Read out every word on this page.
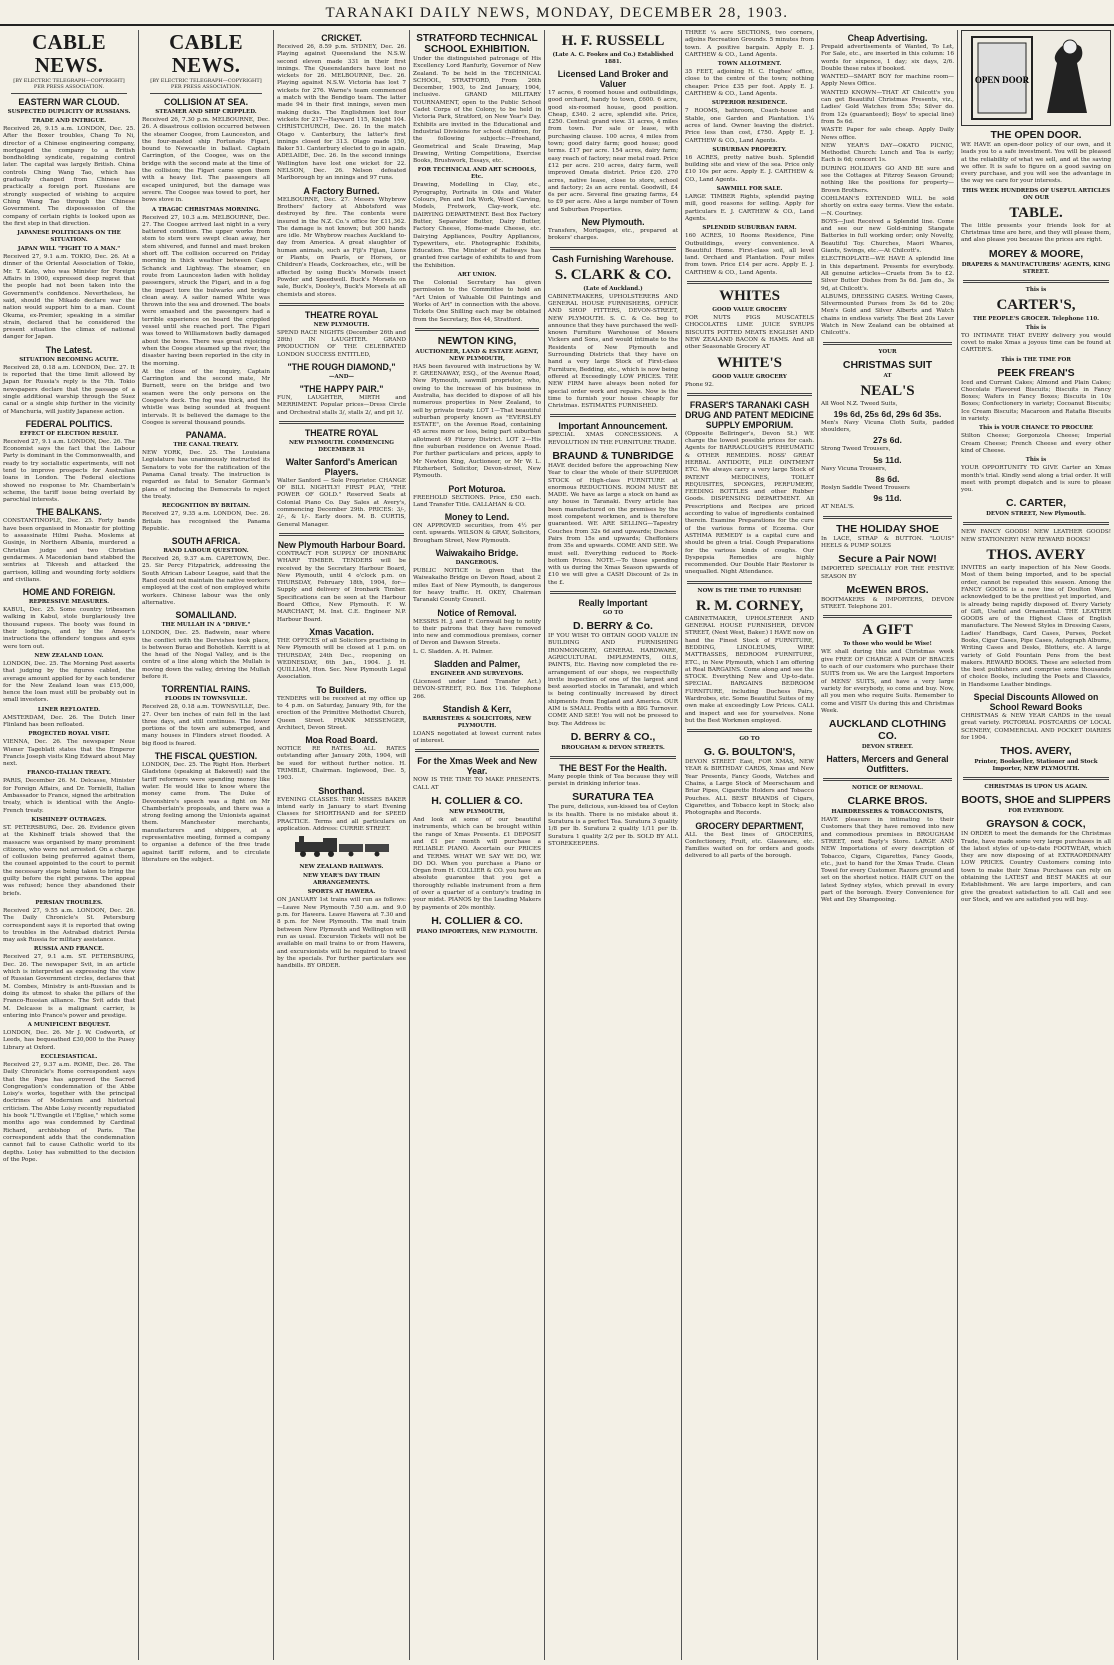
TARANAKI DAILY NEWS, MONDAY, DECEMBER 28, 1903.
CABLE NEWS.
[BY ELECTRIC TELEGRAPH—COPYRIGHT]
PER PRESS ASSOCIATION.
EASTERN WAR CLOUD.
SUSPECTED DUPLICITY OF RUSSIANS.
TRADE AND INTRIGUE.

Received 26, 9.15 a.m. LONDON, Dec. 25. After the Boxer troubles, Chang To Ni, director of a Chinese engineering company, mortgaged the company to a British bondholding syndicate, regaining control later. The capital was largely British. China controls Ching Wang Tao, which has gradually changed from Chinese to practically a foreign port. Russians are strongly suspected of wishing to acquire Ching Wang Tao through the Chinese Government. The dispossession of the company of certain rights is looked upon as the first step in that direction.

JAPANESE POLITICIANS ON THE SITUATION.
JAPAN WILL "FIGHT TO A MAN."

Received 27, 9.1 a.m. TOKIO, Dec. 26. At a dinner of the Oriental Association of Tokio, Mr. T. Kato, who was Minister for Foreign Affairs in 1900, expressed deep regret that the people had not been taken into the Government's confidence. Nevertheless, he said, should the Mikado declare war the nation would support him to a man. Count Okuma, ex-Premier, speaking in a similar strain, declared that he considered the present situation the climax of national danger for Japan.

The Latest.
SITUATION BECOMING ACUTE.

Received 28, 0.18 a.m. LONDON, Dec. 27. It is reported that the time limit allowed by Japan for Russia's reply is the 7th. Tokio newspapers declare that the passage of a single additional warship through the Suez canal or a single ship further in the vicinity of Manchuria, will justify Japanese action.

FEDERAL POLITICS.
EFFECT OF ELECTION RESULT.

Received 27, 9.1 a.m. LONDON, Dec. 26. The Economist says the fact that the Labour Party is dominant in the Commonwealth, and ready to try socialistic experiments, will not tend to improve prospects for Australian loans in London. The Federal elections showed no response to Mr. Chamberlain's scheme, the tariff issue being overlaid by parochial interests.

THE BALKANS.

CONSTANTINOPLE, Dec. 25. Forty bands have been organised in Monastir for plotting to assassinate Hilmi Pasha. Moslems at Gusinje, in Northern Albania, murdered a Christian judge and two Christian gendarmes. A Macedonian band stabbed the sentries at Tikvesh and attacked the garrison, killing and wounding forty soldiers and civilians.

HOME AND FOREIGN.
REPRESSIVE MEASURES.

KABUL, Dec. 25. Some country tribesmen walking in Kabul, stole burglariously live thousand rupees. The booty was found in their lodgings, and by the Ameer's instructions the offenders' tongues and eyes were torn out.

NEW ZEALAND LOAN.

LONDON, Dec. 25. The Morning Post asserts that judging by the figures cabled, the average amount applied for by each tenderer for the New Zealand loan was £15,000, hence the loan must still be probably out in small investors.

LINER REFLOATED.

AMSTERDAM, Dec. 26. The Dutch liner Flinland has been refloated.

PROJECTED ROYAL VISIT.

VIENNA, Dec. 26. The newspaper Neue Wiener Tageblatt states that the Emperor Francis Joseph visits King Edward about May next.

FRANCO-ITALIAN TREATY.

PARIS, December 26. M. Delcasse, Minister for Foreign Affairs, and Dr. Tornielli, Italian Ambassador to France, signed the arbitration treaty, which is identical with the Anglo-French treaty.

KISHINEFF OUTRAGES.

ST. PETERSBURG, Dec. 26. Evidence given at the Kishineff trials showed that the massacre was organised by many prominent citizens, who were not arrested. On a charge of collusion being preferred against them, the counsel appointed to the court to permit the necessary steps being taken to bring the guilty before the right persons. The appeal was refused; hence they abandoned their briefs.

PERSIAN TROUBLES.

Received 27, 9.55 a.m. LONDON, Dec. 26. The Daily Chronicle's St. Petersburg correspondent says it is reported that owing to troubles in the Astrabad district Persia may ask Russia for military assistance.

RUSSIA AND FRANCE.

Received 27, 9.1 a.m. ST. PETERSBURG, Dec. 26. The newspaper Svit, in an article which is interpreted as expressing the view of Russian Government circles, declares that M. Combes, Ministry is anti-Russian and is doing its utmost to shake the pillars of the Franco-Russian alliance. The Svit adds that M. Delcasse is a malignant carrier, is entering into France's power and prestige.

A MUNIFICENT BEQUEST.

LONDON, Dec. 26. Mr J. W. Codworth, of Leeds, has bequeathed £30,000 to the Pusey Library at Oxford.

ECCLESIASTICAL.

Received 27, 9.37 a.m. ROME, Dec. 26. The Daily Chronicle's Rome correspondent says that the Pope has approved the Sacred Congregation's condemnation of the Abbe Loisy's works, together with the principal doctrines of Modernism and historical criticism. The Abbe Loisy recently repudiated his book "L'Evangile et l'Eglise," which some months ago was condemned by Cardinal Richard, archbishop of Paris. The correspondent adds that the condemnation cannot fail to cause Catholic world to its depths. Loisy has submitted to the decision of the Pope.

CABLE NEWS.
[BY ELECTRIC TELEGRAPH—COPYRIGHT]
PER PRESS ASSOCIATION.
COLLISION AT SEA.
STEAMER AND SHIP CRIPPLED.

Received 26, 7.30 p.m. MELBOURNE, Dec. 26. A disastrous collision occurred between the steamer Coogee, from Launceston, and the four-masted ship Fortunato Figari, bound to Newcastle in ballast. Captain Carrington, of the Coogee, was on the bridge with the second mate at the time of the collision; the Figari came upon them with a heavy list. The passengers all escaped uninjured, but the damage was severe. The Coogee was towed to port, her bows stove in.

A TRAGIC CHRISTMAS MORNING.

Received 27, 10.3 a.m. MELBOURNE, Dec. 27. The Coogee arrived last night in a very battered condition. The upper works from stem to stern were swept clean away, her stem shivered, and funnel and mast broken short off. The collision occurred on Friday morning in thick weather between Cape Schanck and Lightway. The steamer, en route from Launceston laden with holiday passengers, struck the Figari, and in a fog the impact tore the bulwarks and bridge clean away. A sailor named White was thrown into the sea and drowned. The boats were smashed and the passengers had a terrible experience on board the crippled vessel until she reached port. The Figari was towed to Williamstown badly damaged about the bows. There was great rejoicing when the Coogee steamed up the river, the disaster having been reported in the city in the morning.

At the close of the inquiry, Captain Carrington and the second mate, Mr Burnett, were on the bridge and two seamen were the only persons on the Coogee's deck. The fog was thick, and the whistle was being sounded at frequent intervals. It is believed the damage to the Coogee is several thousand pounds.

PANAMA.
THE CANAL TREATY.

NEW YORK, Dec. 25. The Louisiana Legislature has unanimously instructed its Senators to vote for the ratification of the Panama Canal treaty. The instruction is regarded as fatal to Senator Gorman's plans of inducing the Democrats to reject the treaty.

RECOGNITION BY BRITAIN.

Received 27, 9.35 a.m. LONDON, Dec. 26. Britain has recognised the Panama Republic.

SOUTH AFRICA.
RAND LABOUR QUESTION.

Received 26, 9.37 a.m. CAPETOWN, Dec. 25. Sir Percy Fitzpatrick, addressing the South African Labour League, said that the Rand could not maintain the native workers employed at the cost of non employed white workers. Chinese labour was the only alternative.

SOMALILAND.
THE MULLAH IN A "DRIVE."

LONDON, Dec. 25. Badwein, near where the conflict with the Dervishes took place, is between Burao and Bohotleh. Kerritt is at the head of the Nogal Valley, and is the centre of a line along which the Mullah is moving down the valley, driving the Mullah before it.

TORRENTIAL RAINS.
FLOODS IN TOWNSVILLE.

Received 28, 0.18 a.m. TOWNSVILLE, Dec. 27. Over ten inches of rain fell in the last three days, and still continues. The lower portions of the town are submerged, and many houses in Flinders street flooded. A big flood is feared.

THE FISCAL QUESTION.

LONDON, Dec. 25. The Right Hon. Herbert Gladstone (speaking at Bakewell) said the tariff reformers were spending money like water. He would like to know where the money came from. The Duke of Devonshire's speech was a fight on Mr Chamberlain's proposals, and there was a strong feeling among the Unionists against them. Manchester merchants, manufacturers and shippers, at a representative meeting, formed a company to organise a defence of the free trade against tariff reform, and to circulate literature on the subject.

CRICKET.

Received 26, 8.59 p.m. SYDNEY, Dec. 26. Playing against Queensland the N.S.W. second eleven made 331 in their first innings. The Queenslanders have lost no wickets for 26. MELBOURNE, Dec. 26. Playing against N.S.W. Victoria has lost 7 wickets for 276. Warne's team commenced a match with the Bendigo team. The latter made 94 in their first innings, seven men making ducks. The Englishmen lost four wickets for 217—Hayward 115, Knight 104. CHRISTCHURCH, Dec. 26. In the match Otago v. Canterbury, the latter's first innings closed for 313. Otago made 150, Baker 51. Canterbury elected to go in again. ADELAIDE, Dec. 26. In the second innings Wellington have lost one wicket for 22. NELSON, Dec. 26. Nelson defeated Marlborough by an innings and 97 runs.

A Factory Burned.

MELBOURNE, Dec. 27. Messrs Whybrow Brothers' factory at Abbotsford was destroyed by fire. The contents were insured in the N.Z. Co.'s office for £11,362. The damage is not known; but 300 hands are idle. Mr Whybrow reaches Auckland to-day from America. A great slaughter of human animals, such as Fiji's Fijian, Lions or Plants, on Pearls, or Horses, or Children's Heads, Cockroaches, etc., will be affected by using Buck's Morsels insect Powder and Speedwell. Buck's Morsels on sale, Buck's, Dooley's, Buck's Morsels at all chemists and stores.

THEATRE ROYAL
NEW PLYMOUTH.

SPEND RACE NIGHTS (December 26th and 28th) IN LAUGHTER. GRAND PRODUCTION OF THE CELEBRATED LONDON SUCCESS ENTITLED,

"THE ROUGH DIAMOND,"
—AND—
"THE HAPPY PAIR."

FUN, LAUGHTER, MIRTH and MERRIMENT. Popular prices—Dress Circle and Orchestral stalls 3/, stalls 2/, and pit 1/.

THEATRE ROYAL
NEW PLYMOUTH. COMMENCING DECEMBER 31
Walter Sanford's American Players.

Walter Sanford — Sole Proprietor. CHANGE OF BILL NIGHTLY! FIRST PLAY, "THE POWER OF GOLD." Reserved Seats at Colonial Piano Co. Day Sales at Avery's, commencing December 29th. PRICES: 3/-, 2/-, & 1/-. Early doors. M. B. CURTIS, General Manager.

New Plymouth Harbour Board.

CONTRACT FOR SUPPLY OF IRONBARK WHARF TIMBER. TENDERS will be received by the Secretary Harbour Board, New Plymouth, until 4 o'clock p.m. on THURSDAY, February 18th, 1904, for— Supply and delivery of Ironbark Timber. Specifications can be seen at the Harbour Board Office, New Plymouth. F. W. MARCHANT, M. Inst. C.E. Engineer N.P. Harbour Board.

Xmas Vacation.

THE OFFICES of all Solicitors practising in New Plymouth will be closed at 1 p.m. on THURSDAY, 24th Dec., reopening on WEDNESDAY, 6th Jan., 1904. J. H. QUILLIAM, Hon. Sec. New Plymouth Legal Association.

To Builders.

TENDERS will be received at my office up to 4 p.m. on Saturday, January 9th, for the erection of the Primitive Methodist Church, Queen Street. FRANK MESSENGER, Architect, Devon Street.

Moa Road Board.

NOTICE RE RATES. ALL RATES outstanding after January 20th, 1904, will be sued for without further notice. H. TRIMBLE, Chairman. Inglewood, Dec. 5, 1903.

Shorthand.

EVENING CLASSES. THE MISSES BAKER intend early in January to start Evening Classes for SHORTHAND and for SPEED PRACTICE. Terms and all particulars on application. Address: CURRIE STREET.

NEW ZEALAND RAILWAYS.
NEW YEAR'S DAY TRAIN ARRANGEMENTS.
SPORTS AT HAWERA.

ON JANUARY 1st trains will run as follows:—Leave New Plymouth 7.50 a.m. and 9.0 p.m. for Hawera. Leave Hawera at 7.30 and 8 p.m. for New Plymouth. The mail train between New Plymouth and Wellington will run as usual. Excursion Tickets will not be available on mail trains to or from Hawera, and excursionists will be required to travel by the specials. For further particulars see handbills. BY ORDER.

STRATFORD TECHNICAL SCHOOL EXHIBITION.

Under the distinguished patronage of His Excellency Lord Ranfurly, Governor of New Zealand. To be held in the TECHNICAL SCHOOL, STRATFORD, From 26th December, 1903, to 2nd January, 1904, inclusive. GRAND MILITARY TOURNAMENT, open to the Public School Cadet Corps of the Colony, to be held in Victoria Park, Stratford, on New Year's Day. Exhibits are invited in the Educational and Industrial Divisions for school children, for the following subjects:—Freehand, Geometrical and Scale Drawing, Map Drawing, Writing Competitions, Exercise Books, Brushwork, Essays, etc.

FOR TECHNICAL AND ART SCHOOLS, Etc.

Drawing, Modelling in Clay, etc., Pyrography, Portraits in Oils and Water Colours, Pen and Ink Work, Wood Carving, Models, Fretwork, Clay-work, etc. DAIRYING DEPARTMENT. Best Box Factory Butter, Separator Butter, Dairy Butter, Factory Cheese, Home-made Cheese, etc. Dairying Appliances, Poultry Appliances, Typewriters, etc. Photographic Exhibits, Education. The Minister of Railways has granted free cartage of exhibits to and from the Exhibition.

ART UNION.

The Colonial Secretary has given permission to the Committee to hold an "Art Union of Valuable Oil Paintings and Works of Art" in connection with the above. Tickets One Shilling each may be obtained from the Secretary, Box 44, Stratford.

NEWTON KING,
AUCTIONEER, LAND & ESTATE AGENT, NEW PLYMOUTH,

HAS been favoured with instructions by W. F. GREENAWAY, ESQ., of the Avenue Road, New Plymouth, sawmill proprietor, who, owing to the increase of his business in Australia, has decided to dispose of all his numerous properties in New Zealand, to sell by private treaty. LOT 1—That beautiful suburban property known as "EVERSLEY ESTATE", on the Avenue Road, containing 45 acres more or less, being part suburban allotment 49 Fitzroy District. LOT 2—His fine suburban residence on Avenue Road. For further particulars and prices, apply to Mr Newton King, Auctioneer, or Mr W. L. Fitzherbert, Solicitor, Devon-street, New Plymouth.

Port Moturoa.

FREEHOLD SECTIONS. Price, £50 each. Land Transfer Title. CALLAHAN & CO.

Money to Lend.

ON APPROVED securities, from 4½ per cent. upwards. WILSON & GRAY, Solicitors, Brougham Street, New Plymouth.

Waiwakaiho Bridge.
DANGEROUS.

PUBLIC NOTICE is given that the Waiwakaiho Bridge on Devon Road, about 2 miles East of New Plymouth, is dangerous for heavy traffic. H. OKEY, Chairman Taranaki County Council.

Notice of Removal.

MESSRS H. J. and F. Cornwall beg to notify to their patrons that they have removed into new and commodious premises, corner of Devon and Dawson Streets.

L. C. Sladden. A. H. Palmer.

Sladden and Palmer,
ENGINEER AND SURVEYORS.

(Licensed under Land Transfer Act.) DEVON-STREET, P.O. Box 116. Telephone 266.

Standish & Kerr,
BARRISTERS & SOLICITORS, NEW PLYMOUTH.

LOANS negotiated at lowest current rates of interest.

For the Xmas Week and New Year.

NOW IS THE TIME TO MAKE PRESENTS. CALL AT

H. COLLIER & CO.
NEW PLYMOUTH,

And look at some of our beautiful instruments, which can be brought within the range of Xmas Presents. £1 DEPOSIT and £1 per month will purchase a RELIABLE PIANO. Ascertain our PRICES and TERMS. WHAT WE SAY WE DO, WE DO DO. When you purchase a Piano or Organ from H. COLLIER & CO. you have an absolute guarantee that you get a thoroughly reliable instrument from a firm of over a quarter of a century's trading in your midst. PIANOS by the Leading Makers by payments of 20s monthly.

H. COLLIER & CO.
PIANO IMPORTERS, NEW PLYMOUTH.
H. F. RUSSELL
(Late A. C. Fookes and Co.) Established 1881.
Licensed Land Broker and Valuer

17 acres, 6 roomed house and outbuildings, good orchard, handy to town, £600. 6 acre, good six-roomed house, good position. Cheap, £340. 2 acre, splendid site. Price, £250. Central: grand view. 31 acres, 4 miles from town. For sale or lease, with purchasing clause. 100 acres, 4 miles from town; good dairy farm; good house; good terms. £17 per acre. 154 acres, dairy farm; easy reach of factory; near metal road. Price £12 per acre. 210 acres, dairy farm, well improved Omata district. Price £20. 270 acres, native lease, close to store, school and factory; 2s an acre rental. Goodwill, £4 6s per acre. Several fine grazing farms, £4 to £9 per acre. Also a large number of Town and Suburban Properties.

New Plymouth.

Transfers, Mortgages, etc., prepared at brokers' charges.

Cash Furnishing Warehouse.
S. CLARK & CO.
(Late of Auckland.)

CABINETMAKERS, UPHOLSTERERS AND GENERAL HOUSE FURNISHERS, OFFICE AND SHOP FITTERS, DEVON-STREET, NEW PLYMOUTH. S. C. & Co. beg to announce that they have purchased the well-known Furniture Warehouse of Messrs Vickers and Sons, and would intimate to the Residents of New Plymouth and Surrounding Districts that they have on hand a very large Stock of First-class Furniture, Bedding, etc., which is now being offered at Exceedingly LOW PRICES. THE NEW FIRM have always been noted for special order work and repairs. Now is the time to furnish your house cheaply for Christmas. ESTIMATES FURNISHED.

Important Announcement.

SPECIAL XMAS CONCESSIONS. A REVOLUTION IN THE FURNITURE TRADE.

BRAUND & TUNBRIDGE

HAVE decided before the approaching New Year to clear the whole of their SUPERIOR STOCK of High-class FURNITURE at enormous REDUCTIONS. ROOM MUST BE MADE. We have as large a stock on hand as any house in Taranaki. Every article has been manufactured on the premises by the most competent workmen, and is therefore guaranteed. WE ARE SELLING—Tapestry Couches from 32s 6d and upwards; Duchess Pairs from 15s and upwards; Cheffoniers from 35s and upwards. COME AND SEE. We must sell. Everything reduced to Rock-bottom Prices. NOTE.—To those spending with us during the Xmas Season upwards of £10 we will give a CASH Discount of 2s in the £.

Really Important
GO TO
D. BERRY & Co.

IF YOU WISH TO OBTAIN GOOD VALUE IN BUILDING AND FURNISHING IRONMONGERY, GENERAL HARDWARE, AGRICULTURAL IMPLEMENTS, OILS, PAINTS, Etc. Having now completed the re-arrangement of our shops, we respectfully invite inspection of one of the largest and best assorted stocks in Taranaki, and which is being continually increased by direct shipments from England and America. OUR AIM is SMALL Profits with a BIG Turnover. COME AND SEE! You will not be pressed to buy. The Address is:

D. BERRY & CO.,
BROUGHAM & DEVON STREETS.
THE BEST For the Health.

Many people think of Tea because they will persist in drinking inferior teas.

SURATURA TEA

The pure, delicious, sun-kissed tea of Ceylon is its health. There is no mistake about it. Suratura is a perfect Tea. Suratura 3 quality 1/8 per lb. Suratura 2 quality 1/11 per lb. Suratura 1 quality 2/2 per lb. SOLD BY ALL STOREKEEPERS.

THREE ¼ acre SECTIONS, two corners, adjoins Recreation Grounds. 5 minutes from town. A positive bargain. Apply E. J. CARTHEW & CO., Land Agents.

TOWN ALLOTMENT.

35 FEET, adjoining H. C. Hughes' office, close to the centre of the town; nothing cheaper. Price £35 per foot. Apply E. J. CARTHEW & CO., Land Agents.

SUPERIOR RESIDENCE.

7 ROOMS, bathroom, Coach-house and Stable, one Garden and Plantation. 1¼ acres of land. Owner leaving the district. Price less than cost, £750. Apply E. J. CARTHEW & CO., Land Agents.

SUBURBAN PROPERTY.

16 ACRES, pretty native bush. Splendid building site and view of the sea. Price only £10 10s per acre. Apply E. J. CARTHEW & CO., Land Agents.

SAWMILL FOR SALE.

LARGE TIMBER Rights, splendid paying mill, good reasons for selling. Apply for particulars E. J. CARTHEW & CO., Land Agents.

SPLENDID SUBURBAN FARM.

160 ACRES, 10 Rooms Residence, Fine Outbuildings, every convenience. A Beautiful Home. First-class soil, all level land. Orchard and Plantation. Four miles from town. Price £14 per acre. Apply E. J. CARTHEW & CO., Land Agents.

WHITES
GOOD VALUE GROCERY

FOR NUTS FIGS MUSCATELS CHOCOLATES LIME JUICE SYRUPS BISCUITS POTTED MEATS ENGLISH AND NEW ZEALAND BACON & HAMS. And all other Seasonable Grocery AT

WHITE'S
GOOD VALUE GROCERY

Phone 92.

FRASER'S TARANAKI CASH DRUG AND PATENT MEDICINE SUPPLY EMPORIUM.

(Opposite Bellringer's, Devon St.) WE charge the lowest possible prices for cash. Agents for BARRACLOUGH'S RHEUMATIC & OTHER REMEDIES. ROSS' GREAT HERBAL ANTIDOTE, PILE OINTMENT ETC. We always carry a very large Stock of PATENT MEDICINES, TOILET REQUISITES, SPONGES, PERFUMERY, FEEDING BOTTLES and other Rubber Goods. DISPENSING DEPARTMENT. All Prescriptions and Recipes are priced according to value of ingredients contained therein. Examine Preparations for the cure of the various forms of Eczema. Our ASTHMA REMEDY is a capital cure and should be given a trial. Cough Preparations for the various kinds of coughs. Our Dyspepsia Remedies are highly recommended. Our Double Hair Restorer is unequalled. Night Attendance.

NOW IS THE TIME TO FURNISH!
R. M. CORNEY,

CABINETMAKER, UPHOLSTERER AND GENERAL HOUSE FURNISHER, DEVON STREET, (Next West, Baker.) I HAVE now on hand the Finest Stock of FURNITURE, BEDDING, LINOLEUMS, WIRE MATTRASSES, BEDROOM FURNITURE, ETC., in New Plymouth, which I am offering at Real BARGAINS. Come along and see the STOCK. Everything New and Up-to-date. SPECIAL BARGAINS BEDROOM FURNITURE, including Duchess Pairs, Wardrobes, etc. Some Beautiful Suites of my own make at exceedingly Low Prices. CALL and inspect and see for yourselves. None but the Best Workmen employed.

GO TO
G. G. BOULTON'S,

DEVON STREET East, FOR XMAS, NEW YEAR & BIRTHDAY CARDS, Xmas and New Year Presents, Fancy Goods, Watches and Chains, a Large Stock of Meerschaum and Briar Pipes, Cigarette Holders and Tobacco Pouches. ALL BEST BRANDS of Cigars, Cigarettes, and Tobacco kept in Stock; also Photographs and Records.

GROCERY DEPARTMENT,

ALL the Best lines of GROCERIES, Confectionery, Fruit, etc. Glassware, etc. Families waited on for orders and goods delivered to all parts of the borough.

Cheap Advertising.

Prepaid advertisements of Wanted, To Let, For Sale, etc., are inserted in this column: 16 words for sixpence, 1 day; six days, 2/6. Double these rates if booked.

WANTED—SMART BOY for machine room—Apply News Office.

WANTED KNOWN—THAT AT Chilcott's you can get Beautiful Christmas Presents, viz., Ladies' Gold Watches from 55s; Silver do. from 12s (guaranteed); Boys' to special line) from 5s 6d.

WASTE Paper for sale cheap. Apply Daily News office.

NEW YEAR'S DAY—OKATO PICNIC, Methodist Church: Lunch and Tea is early; Each is 6d; concert 1s.

DURING HOLIDAYS GO AND BE sure and see the Cottages at Fitzroy Season Ground; nothing like the positions for property—Brown Brothers.

COHLMAN'S EXTENDED WILL be sold shortly on extra easy terms. View the estate.—N. Courtney.

BOYS—Just Received a Splendid line. Come and see our new Gold-mining Stangate Batteries in full working order; only Novelty, Beautiful Toy. Churches, Maori Whares, Giants, Swings, etc.—At Chilcott's.

ELECTROPLATE—WE HAVE A splendid line in this department. Presents for everybody. All genuine articles—Cruets from 5s to £2. Silver Butter Dishes from 5s 6d. Jam do., 3s 9d, at Chilcott's.

ALBUMS, DRESSING CASES. Writing Cases, Silvermounted Purses from 3s 6d to 20s; Men's Gold and Silver Alberts and Watch chains in endless variety. The Best 20s Lever Watch in New Zealand can be obtained at Chilcott's.

YOUR
CHRISTMAS SUIT
AT
NEAL'S

All Wool N.Z. Tweed Suits,

19s 6d, 25s 6d, 29s 6d 35s.

Men's Navy Vicuna Cloth Suits, padded shoulders,

27s 6d.

Strong Tweed Trousers,

5s 11d.

Navy Vicuna Trousers,

8s 6d.

Roslyn Saddle Tweed Trousers

9s 11d.

AT NEAL'S.

THE HOLIDAY SHOE

In LACE, STRAP & BUTTON. "LOUIS" HEELS & PUMP SOLES

Secure a Pair NOW!

IMPORTED SPECIALLY FOR THE FESTIVE SEASON BY

McEWEN BROS.

BOOTMAKERS & IMPORTERS, DEVON STREET. Telephone 201.

A GIFT
To those who would be Wise!

WE shall during this and Christmas week give FREE OF CHARGE A PAIR OF BRACES to each of our customers who purchase their SUITS from us. We are the Largest Importers of MENS' SUITS, and have a very large variety for everybody, so come and buy. Now, all you men who require Suits. Remember to come and VISIT Us during this and Christmas Week.

AUCKLAND CLOTHING CO.
DEVON STREET.
Hatters, Mercers and General Outfitters.
NOTICE OF REMOVAL.
CLARKE BROS.
HAIRDRESSERS & TOBACCONISTS,

HAVE pleasure in intimating to their Customers that they have removed into new and commodious premises in BROUGHAM STREET, next Bayly's Store. LARGE AND NEW Importations of every description of Tobacco, Cigars, Cigarettes, Fancy Goods, etc., just to hand for the Xmas Trade. Clean Towel for every Customer. Razors ground and set on the shortest notice. HAIR CUT on the latest Sydney styles, which prevail in every part of the borough. Every Convenience for Wet and Dry Shampooing.

OPEN DOOR
THE OPEN DOOR.

WE HAVE an open-door policy of our own, and it leads you to a safe investment. You will be pleased at the reliability of what we sell, and at the saving we offer. It is safe to figure on a good saving on every purchase, and you will see the advantage in the way we care for your interests.

THIS WEEK HUNDREDS OF USEFUL ARTICLES ON OUR
TABLE.

The little presents your friends look for at Christmas time are here, and they will please them, and also please you because the prices are right.

MOREY & MOORE,
DRAPERS & MANUFACTURERS' AGENTS, KING STREET.
This is
CARTER'S,
THE PEOPLE'S GROCER. Telephone 110.
This is

TO INTIMATE THAT EVERY delivery you would covet to make Xmas a joyous time can be found at CARTER'S.

This is THE TIME FOR
PEEK FREAN'S

Iced and Currant Cakes; Almond and Plain Cakes; Chocolate Flavored Biscuits; Biscuits in Fancy Boxes; Wafers in Fancy Boxes; Biscuits in 10s Boxes; Confectionery in variety; Cocoanut Biscuits; Ice Cream Biscuits; Macaroon and Ratafia Biscuits in variety.

This is YOUR CHANCE TO PROCURE

Stilton Cheese; Gorgonzola Cheese; Imperial Cream Cheese; French Cheese and every other kind of Cheese.

This is

YOUR OPPORTUNITY TO GIVE Carter an Xmas month's trial. Kindly send along a trial order. It will meet with prompt dispatch and is sure to please you.

C. CARTER,
DEVON STREET, New Plymouth.

NEW FANCY GOODS! NEW LEATHER GOODS! NEW STATIONERY! NEW REWARD BOOKS!

THOS. AVERY

INVITES an early inspection of his New Goods. Most of them being imported, and to be special order, cannot be repeated this season. Among the FANCY GOODS is a new line of Doulton Ware, acknowledged to be the prettiest yet imported, and is already being rapidly disposed of. Every Variety of Gift, Useful and Ornamental. THE LEATHER GOODS are of the Highest Class of English manufacture. The Newest Styles in Dressing Cases, Ladies' Handbags, Card Cases, Purses, Pocket Books, Cigar Cases, Pipe Cases, Autograph Albums, Writing Cases and Desks, Blotters, etc. A large variety of Gold Fountain Pens from the best makers. REWARD BOOKS. These are selected from the best publishers and comprise some thousands of choice Books, including the Poets and Classics, in Handsome Leather bindings.

Special Discounts Allowed on School Reward Books

CHRISTMAS & NEW YEAR CARDS in the usual great variety. PICTORIAL POSTCARDS OF LOCAL SCENERY, COMMERCIAL AND POCKET DIARIES for 1904.

THOS. AVERY,
Printer, Bookseller, Stationer and Stock Importer, NEW PLYMOUTH.
CHRISTMAS IS UPON US AGAIN.
BOOTS, SHOE and SLIPPERS
FOR EVERYBODY.
GRAYSON & COCK,

IN ORDER to meet the demands for the Christmas Trade, have made some very large purchases in all the latest styles of up-to-date FOOTWEAR, which they are now disposing of at EXTRAORDINARY LOW PRICES. Country Customers coming into town to make their Xmas Purchases can rely on obtaining the LATEST and BEST MAKES at our Establishment. We are large importers, and can give the greatest satisfaction to all. Call and see our Stock, and we are satisfied you will buy.
